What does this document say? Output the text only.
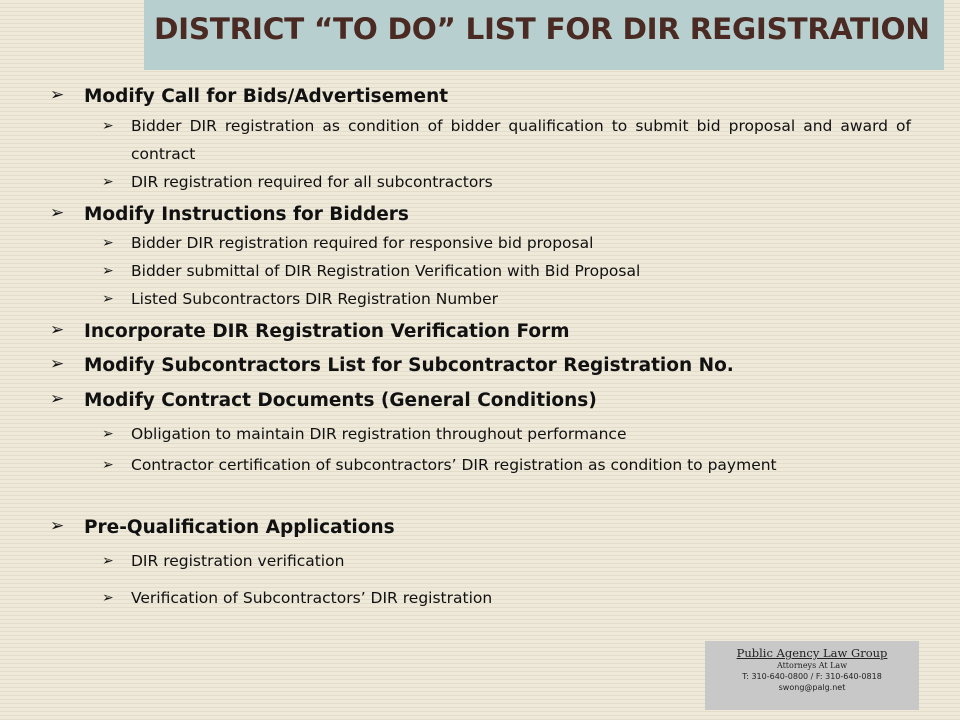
DISTRICT “TO DO” LIST FOR DIR REGISTRATION
➢ Modify Call for Bids/Advertisement

➢ Bidder DIR registration as condition of bidder qualification to submit bid proposal and award of contract

➢ DIR registration required for all subcontractors

➢ Modify Instructions for Bidders

➢ Bidder DIR registration required for responsive bid proposal

➢ Bidder submittal of DIR Registration Verification with Bid Proposal

➢ Listed Subcontractors DIR Registration Number

➢ Incorporate DIR Registration Verification Form

➢ Modify Subcontractors List for Subcontractor Registration No.

➢ Modify Contract Documents (General Conditions)

➢ Obligation to maintain DIR registration throughout performance

➢ Contractor certification of subcontractors’ DIR registration as condition to payment

➢ Pre-Qualification Applications

➢ DIR registration verification

➢ Verification of Subcontractors’ DIR registration

Public Agency Law Group
Attorneys At Law
T: 310-640-0800 / F: 310-640-0818
swong@palg.net
